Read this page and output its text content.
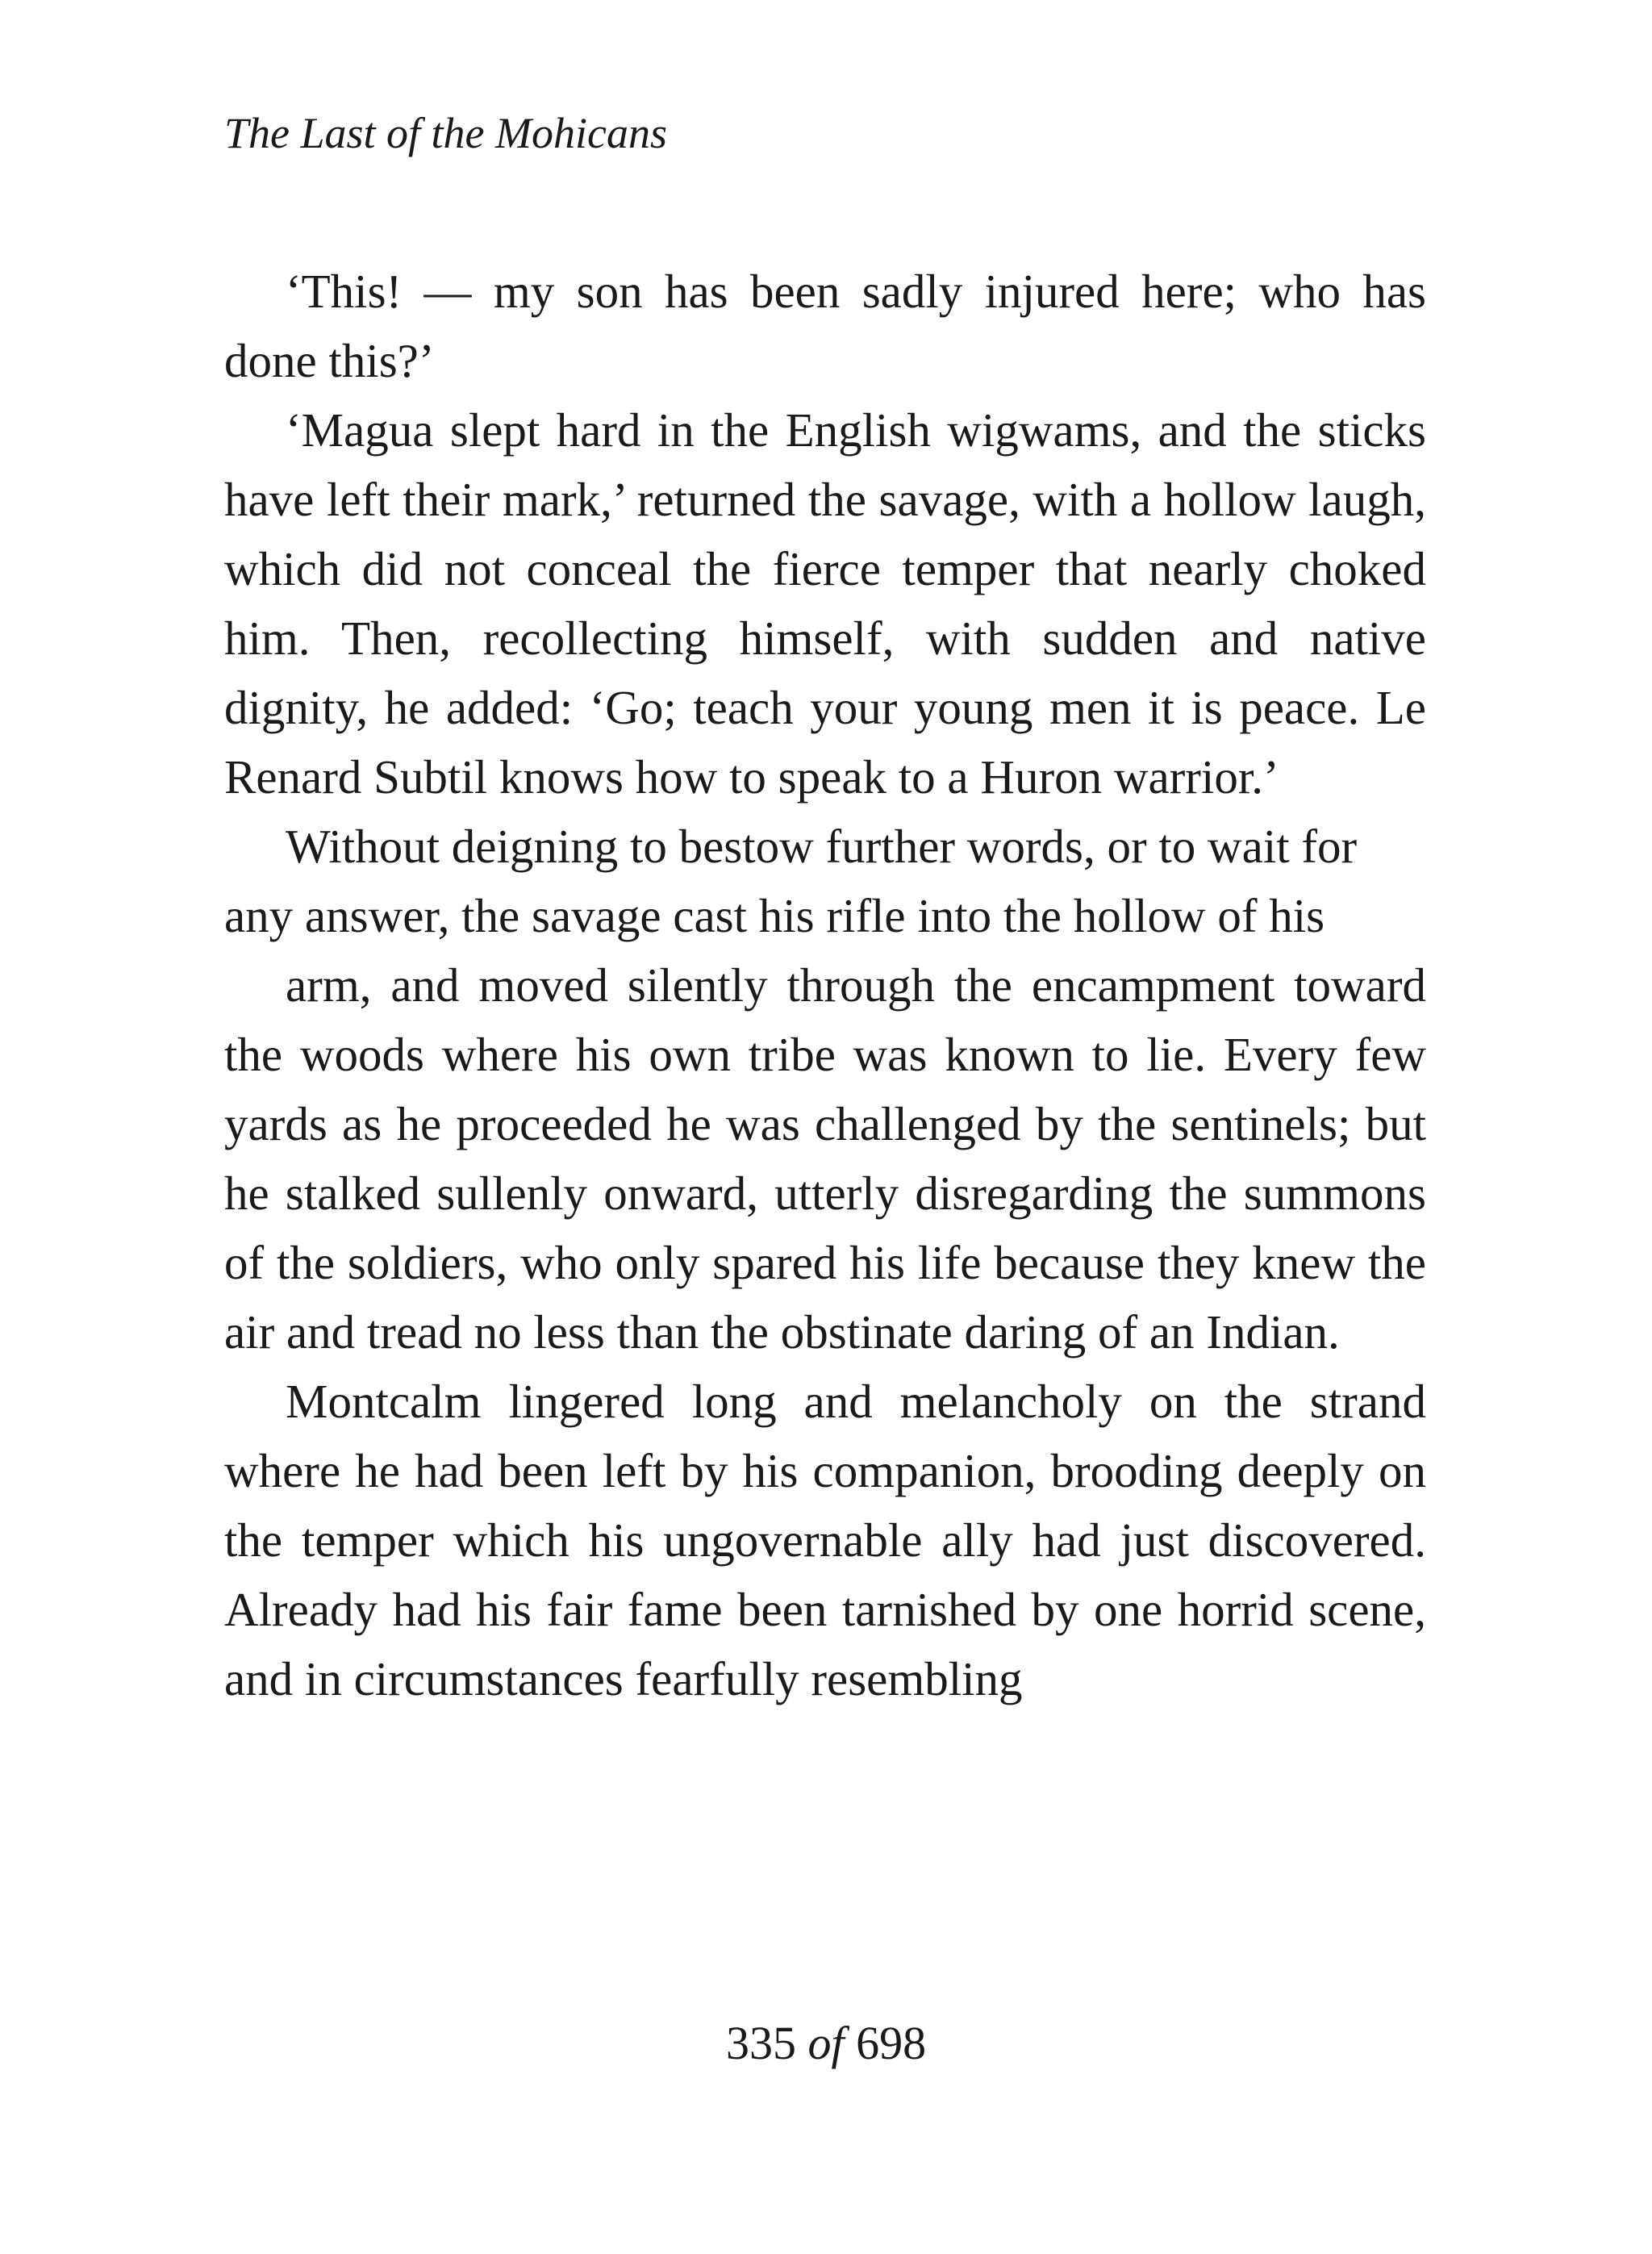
The Last of the Mohicans

‘This! — my son has been sadly injured here; who has done this?’

‘Magua slept hard in the English wigwams, and the sticks have left their mark,’ returned the savage, with a hollow laugh, which did not conceal the fierce temper that nearly choked him. Then, recollecting himself, with sudden and native dignity, he added: ‘Go; teach your young men it is peace. Le Renard Subtil knows how to speak to a Huron warrior.’

Without deigning to bestow further words, or to wait for any answer, the savage cast his rifle into the hollow of his

arm, and moved silently through the encampment toward the woods where his own tribe was known to lie. Every few yards as he proceeded he was challenged by the sentinels; but he stalked sullenly onward, utterly disregarding the summons of the soldiers, who only spared his life because they knew the air and tread no less than the obstinate daring of an Indian.

Montcalm lingered long and melancholy on the strand where he had been left by his companion, brooding deeply on the temper which his ungovernable ally had just discovered. Already had his fair fame been tarnished by one horrid scene, and in circumstances fearfully resembling

335 of 698
